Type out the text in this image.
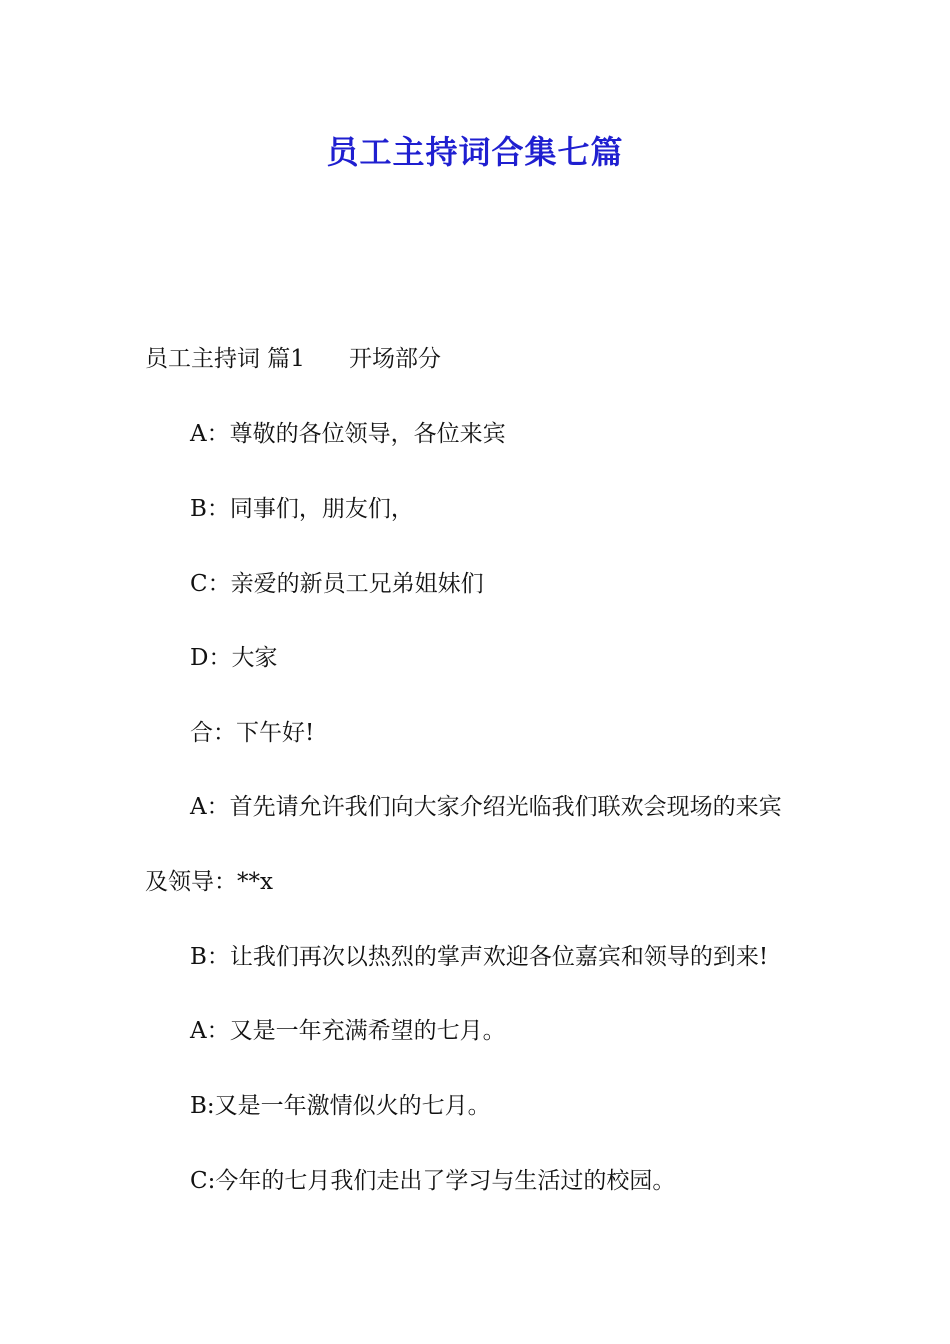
员工主持词合集七篇
员工主持词 篇1 开场部分
A：尊敬的各位领导，各位来宾
B：同事们，朋友们，
C：亲爱的新员工兄弟姐妹们
D：大家
合：下午好!
A：首先请允许我们向大家介绍光临我们联欢会现场的来宾
及领导：**x
B：让我们再次以热烈的掌声欢迎各位嘉宾和领导的到来!
A：又是一年充满希望的七月。
B:又是一年激情似火的七月。
C:今年的七月我们走出了学习与生活过的校园。
